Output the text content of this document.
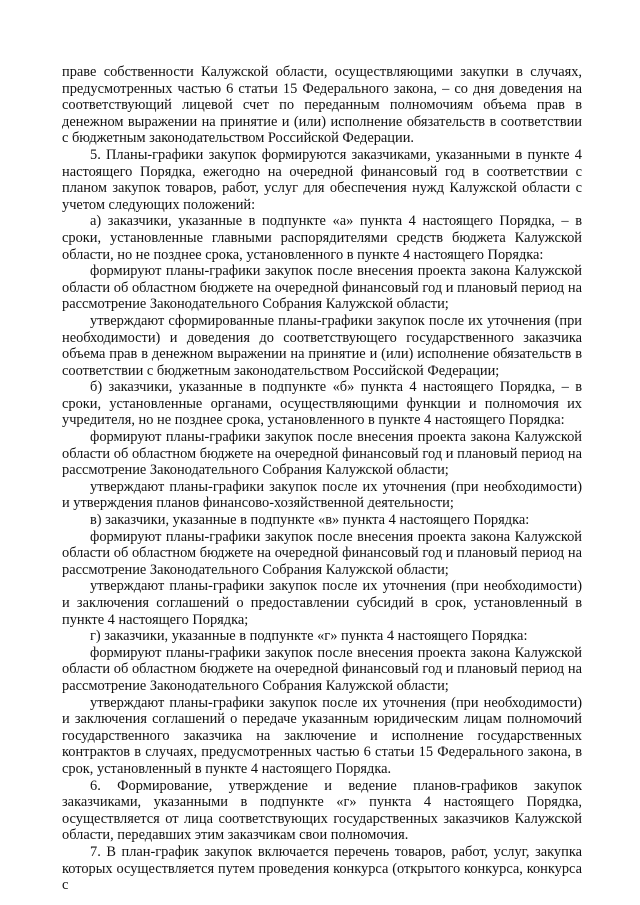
праве собственности Калужской области, осуществляющими закупки в случаях, предусмотренных частью 6 статьи 15 Федерального закона, – со дня доведения на соответствующий лицевой счет по переданным полномочиям объема прав в денежном выражении на принятие и (или) исполнение обязательств в соответствии с бюджетным законодательством Российской Федерации.

5. Планы-графики закупок формируются заказчиками, указанными в пункте 4 настоящего Порядка, ежегодно на очередной финансовый год в соответствии с планом закупок товаров, работ, услуг для обеспечения нужд Калужской области с учетом следующих положений:

а) заказчики, указанные в подпункте «а» пункта 4 настоящего Порядка, – в сроки, установленные главными распорядителями средств бюджета Калужской области, но не позднее срока, установленного в пункте 4 настоящего Порядка:

формируют планы-графики закупок после внесения проекта закона Калужской области об областном бюджете на очередной финансовый год и плановый период на рассмотрение Законодательного Собрания Калужской области;

утверждают сформированные планы-графики закупок после их уточнения (при необходимости) и доведения до соответствующего государственного заказчика объема прав в денежном выражении на принятие и (или) исполнение обязательств в соответствии с бюджетным законодательством Российской Федерации;

б) заказчики, указанные в подпункте «б» пункта 4 настоящего Порядка, – в сроки, установленные органами, осуществляющими функции и полномочия их учредителя, но не позднее срока, установленного в пункте 4 настоящего Порядка:

формируют планы-графики закупок после внесения проекта закона Калужской области об областном бюджете на очередной финансовый год и плановый период на рассмотрение Законодательного Собрания Калужской области;

утверждают планы-графики закупок после их уточнения (при необходимости) и утверждения планов финансово-хозяйственной деятельности;

в) заказчики, указанные в подпункте «в» пункта 4 настоящего Порядка:

формируют планы-графики закупок после внесения проекта закона Калужской области об областном бюджете на очередной финансовый год и плановый период на рассмотрение Законодательного Собрания Калужской области;

утверждают планы-графики закупок после их уточнения (при необходимости) и заключения соглашений о предоставлении субсидий в срок, установленный в пункте 4 настоящего Порядка;

г) заказчики, указанные в подпункте «г» пункта 4 настоящего Порядка:

формируют планы-графики закупок после внесения проекта закона Калужской области об областном бюджете на очередной финансовый год и плановый период на рассмотрение Законодательного Собрания Калужской области;

утверждают планы-графики закупок после их уточнения (при необходимости) и заключения соглашений о передаче указанным юридическим лицам полномочий государственного заказчика на заключение и исполнение государственных контрактов в случаях, предусмотренных частью 6 статьи 15 Федерального закона, в срок, установленный в пункте 4 настоящего Порядка.

6. Формирование, утверждение и ведение планов-графиков закупок заказчиками, указанными в подпункте «г» пункта 4 настоящего Порядка, осуществляется от лица соответствующих государственных заказчиков Калужской области, передавших этим заказчикам свои полномочия.

7. В план-график закупок включается перечень товаров, работ, услуг, закупка которых осуществляется путем проведения конкурса (открытого конкурса, конкурса с
